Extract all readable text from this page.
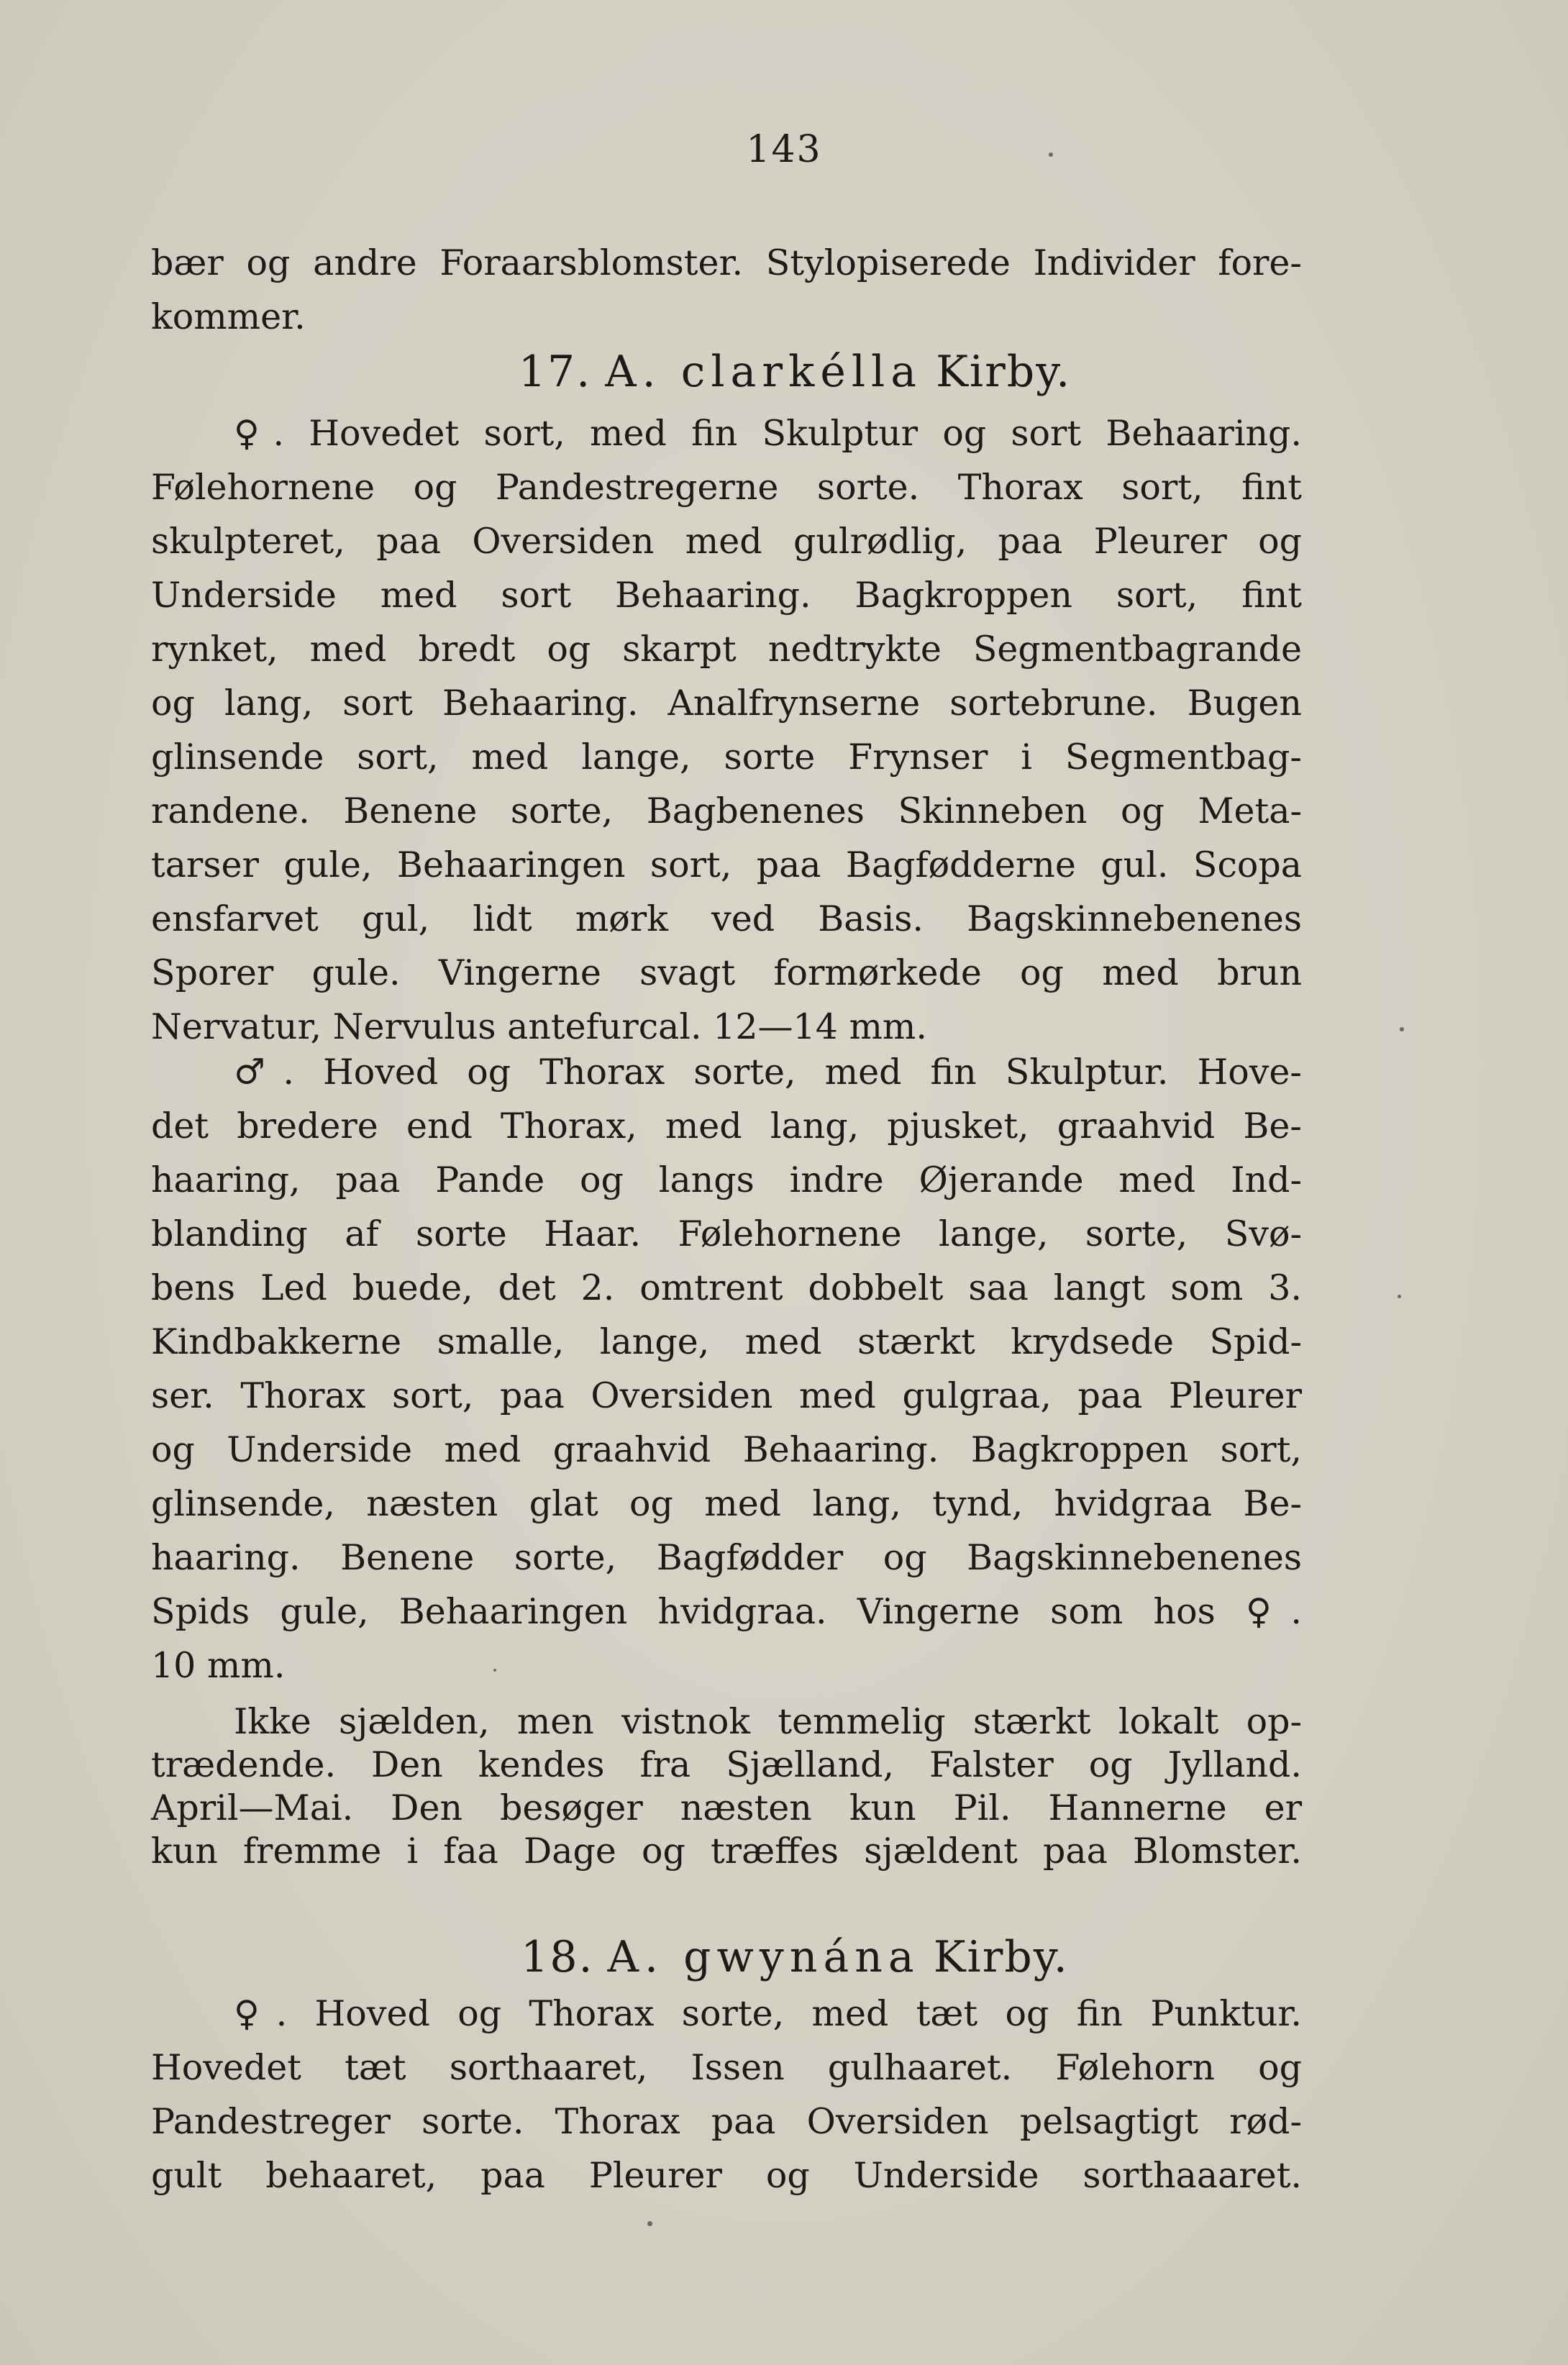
143
bær og andre Foraarsblomster. Stylopiserede Individer fore-
kommer.
17. A. clarkélla Kirby.
♀. Hovedet sort, med fin Skulptur og sort Behaaring.
Følehornene og Pandestregerne sorte. Thorax sort, fint
skulpteret, paa Oversiden med gulrødlig, paa Pleurer og
Underside med sort Behaaring. Bagkroppen sort, fint
rynket, med bredt og skarpt nedtrykte Segmentbagrande
og lang, sort Behaaring. Analfrynserne sortebrune. Bugen
glinsende sort, med lange, sorte Frynser i Segmentbag-
randene. Benene sorte, Bagbenenes Skinneben og Meta-
tarser gule, Behaaringen sort, paa Bagfødderne gul. Scopa
ensfarvet gul, lidt mørk ved Basis. Bagskinnebenenes
Sporer gule. Vingerne svagt formørkede og med brun
Nervatur, Nervulus antefurcal. 12—14 mm.
♂. Hoved og Thorax sorte, med fin Skulptur. Hove-
det bredere end Thorax, med lang, pjusket, graahvid Be-
haaring, paa Pande og langs indre Øjerande med Ind-
blanding af sorte Haar. Følehornene lange, sorte, Svø-
bens Led buede, det 2. omtrent dobbelt saa langt som 3.
Kindbakkerne smalle, lange, med stærkt krydsede Spid-
ser. Thorax sort, paa Oversiden med gulgraa, paa Pleurer
og Underside med graahvid Behaaring. Bagkroppen sort,
glinsende, næsten glat og med lang, tynd, hvidgraa Be-
haaring. Benene sorte, Bagfødder og Bagskinnebenenes
Spids gule, Behaaringen hvidgraa. Vingerne som hos ♀.
10 mm.
Ikke sjælden, men vistnok temmelig stærkt lokalt op-
trædende. Den kendes fra Sjælland, Falster og Jylland.
April—Mai. Den besøger næsten kun Pil. Hannerne er
kun fremme i faa Dage og træffes sjældent paa Blomster.
18. A. gwynána Kirby.
♀. Hoved og Thorax sorte, med tæt og fin Punktur.
Hovedet tæt sorthaaret, Issen gulhaaret. Følehorn og
Pandestreger sorte. Thorax paa Oversiden pelsagtigt rød-
gult behaaret, paa Pleurer og Underside sorthaaaret.
